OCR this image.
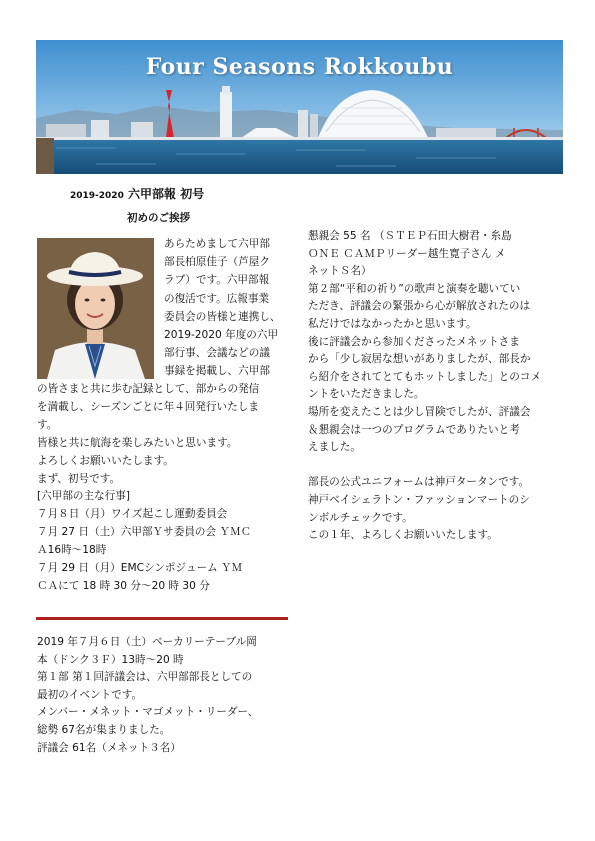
Four Seasons Rokkoubu
2019-2020 六甲部報 初号
初めのご挨拶
あらためまして六甲部
部長柏原佳子（芦屋ク
ラブ）です。六甲部報
の復活です。広報事業
委員会の皆様と連携し、
2019-2020 年度の六甲
部行事、会議などの議
事録を掲載し、六甲部
の皆さまと共に歩む記録として、部からの発信
を満載し、シーズンごとに年４回発行いたしま
す。
皆様と共に航海を楽しみたいと思います。
よろしくお願いいたします。
まず、初号です。
[六甲部の主な行事]
７月８日（月）ワイズ起こし運動委員会
７月 27 日（土）六甲部Ｙサ委員の会 ＹＭＣ
Ａ16時～18時
７月 29 日（月）EMCシンポジューム ＹＭ
ＣＡにて 18 時 30 分～20 時 30 分
2019 年７月６日（土）ベーカリーテーブル岡
本（ドンク３Ｆ）13時～20 時
第１部 第１回評議会は、六甲部部長としての
最初のイベントです。
メンバー・メネット・マゴメット・リーダー、
総勢 67名が集まりました。
評議会 61名（メネット３名）
懇親会 55 名 （ＳＴＥＰ石田大樹君・糸島
ＯＮＥ ＣＡＭＰリーダー越生寛子さん メ
ネットＳ名）
第２部“平和の祈り”の歌声と演奏を聴いてい
ただき、評議会の緊張から心が解放されたのは
私だけではなかったかと思います。
後に評議会から参加くださったメネットさま
から「少し寂居な想いがありましたが、部長か
ら紹介をされてとてもホットしました」とのコメ
ントをいただきました。
場所を変えたことは少し冒険でしたが、評議会
＆懇親会は一つのプログラムでありたいと考
えました。
部長の公式ユニフォームは神戸タータンです。
神戸ベイシェラトン・ファッションマートのシ
ンボルチェックです。
この１年、よろしくお願いいたします。
